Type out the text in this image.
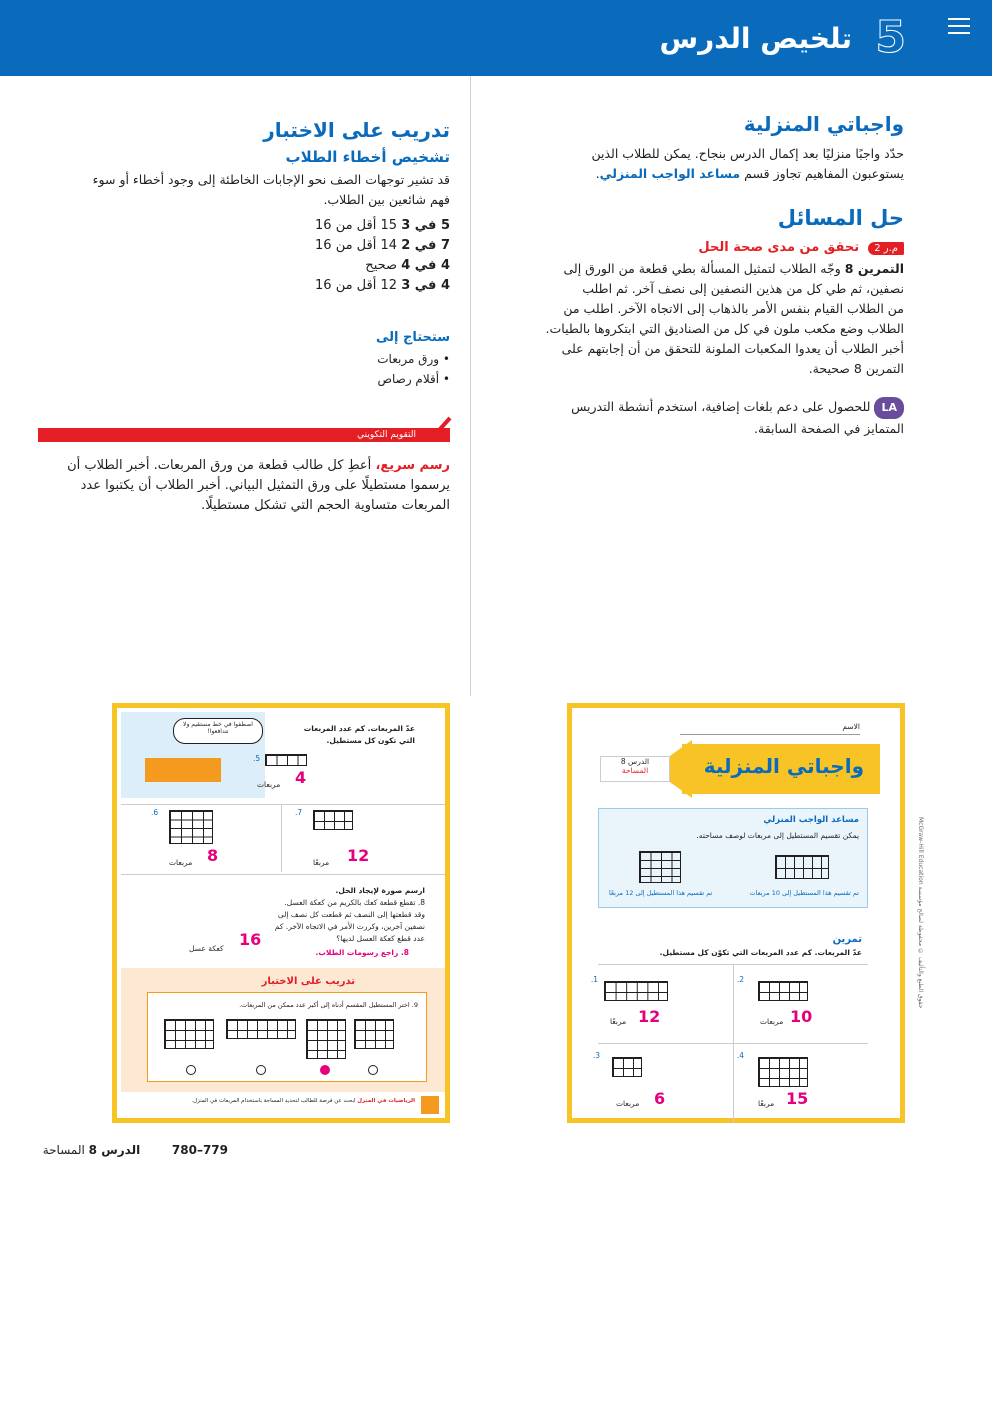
5
تلخيص الدرس
واجباتي المنزلية
حدّد واجبًا منزليًا بعد إكمال الدرس بنجاح. يمكن للطلاب الذين
يستوعبون المفاهيم تجاوز قسم مساعد الواجب المنزلي.
حل المسائل
م.ر 2 تحقق من مدى صحة الحل
التمرين 8 وجّه الطلاب لتمثيل المسألة بطي قطعة من الورق إلى
نصفين، ثم طي كل من هذين النصفين إلى نصف آخر. ثم اطلب
من الطلاب القيام بنفس الأمر بالذهاب إلى الاتجاه الآخر. اطلب من
الطلاب وضع مكعب ملون في كل من الصناديق التي ابتكروها بالطيات.
أخبر الطلاب أن يعدوا المكعبات الملونة للتحقق من أن إجابتهم على
التمرين 8 صحيحة.
LAللحصول على دعم بلغات إضافية، استخدم أنشطة التدريس
المتمايز في الصفحة السابقة.
تدريب على الاختبار
تشخيص أخطاء الطلاب
قد تشير توجهات الصف نحو الإجابات الخاطئة إلى وجود أخطاء أو سوء
فهم شائعين بين الطلاب.
5 في 3 15 أقل من 16
7 في 2 14 أقل من 16
4 في 4 صحيح
4 في 3 12 أقل من 16
ستحتاج إلى
• ورق مربعات
• أقلام رصاص
التقويم التكويني
رسم سريع، أعطِ كل طالب قطعة من ورق المربعات. أخبر الطلاب أن
يرسموا مستطيلًا على ورق التمثيل البياني. أخبر الطلاب أن يكتبوا عدد
المربعات متساوية الحجم التي تشكل مستطيلًا.
الاسم
واجباتي المنزلية
الدرس 8
المساحة
مساعد الواجب المنزلي
يمكن تقسيم المستطيل إلى مربعات لوصف مساحته.
تم تقسيم هذا المستطيل إلى 10 مربعات
تم تقسيم هذا المستطيل إلى 12 مربعًا
تمرين
عدّ المربعات. كم عدد المربعات التي تكوّن كل مستطيل.
2.
10
مربعات
1.
12
مربعًا
4.
15
مربعًا
3.
6
مربعات
حقوق الطبع والتأليف © محفوظة لصالح مؤسسة McGraw-Hill Education
اصطفوا في خط مستقيم ولا تتدافعوا!	عدّ المربعات. كم عدد المربعات
التي تكون كل مستطيل.
5.
4
مربعات
6.
8
مربعات
7.
12
مربعًا
ارسم صورة لإيجاد الحل.
8. تقطع قطعة كعك بالكريم من كعكة العسل.
وقد قطعتها إلى النصف ثم قطعت كل نصف إلى
نصفين آخرين، وكررت الأمر في الاتجاه الآخر. كم
عدد قطع كعكة العسل لديها؟
16
كعكة عسل	8. راجع رسومات الطلاب.
تدريب على الاختبار
9. اختر المستطيل المقسم أدناه إلى أكبر عدد ممكن من المربعات.
الرياضيات في المنزل ابحث عن فرصة للطالب لتحديد المساحة باستخدام المربعات في المنزل.
779–780  الدرس 8 المساحة
